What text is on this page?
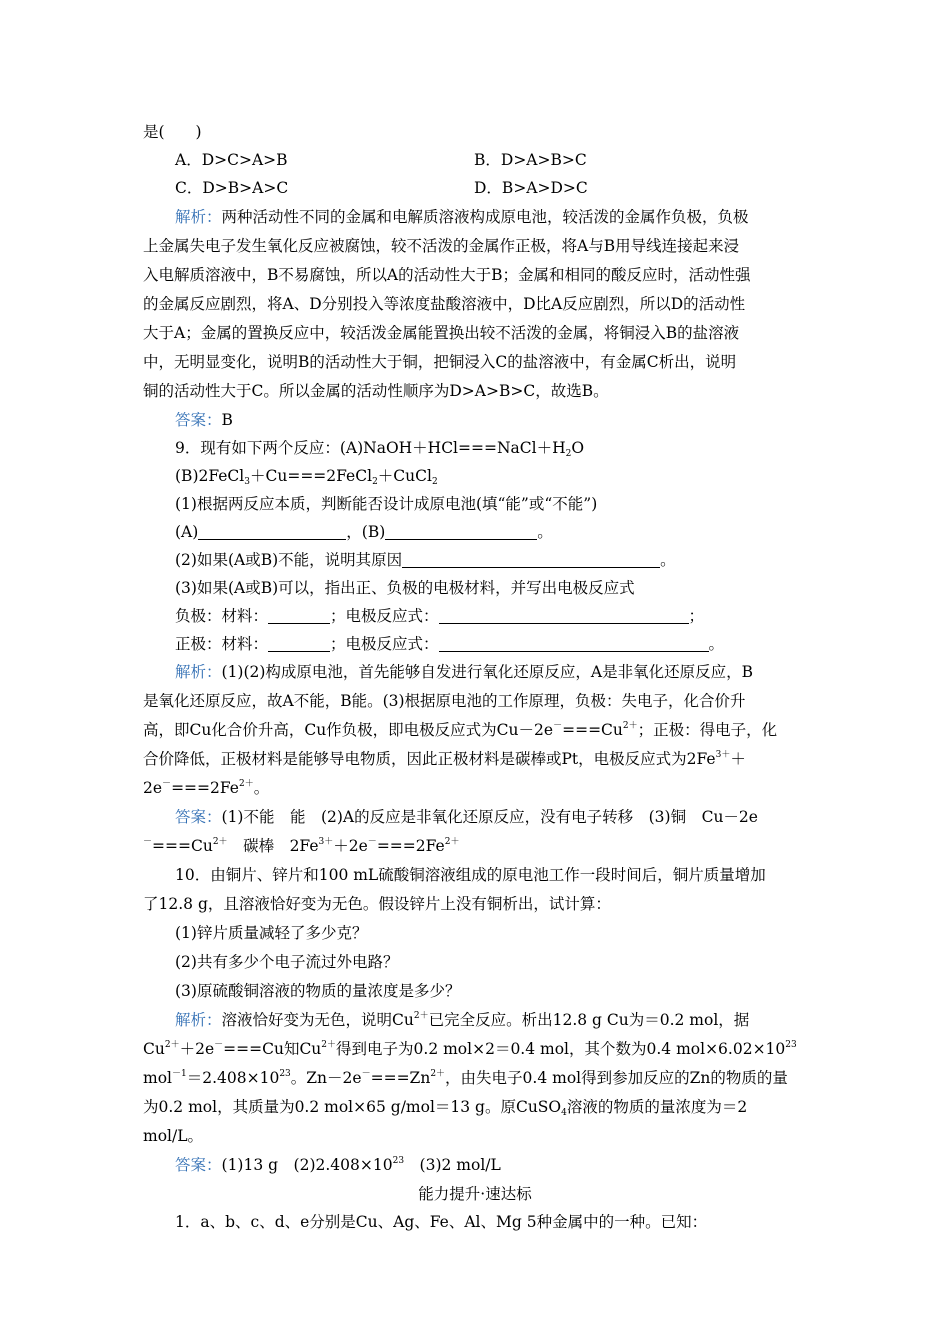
是(　　)
A．D>C>A>B	B．D>A>B>C
C．D>B>A>C	D．B>A>D>C
解析：两种活动性不同的金属和电解质溶液构成原电池，较活泼的金属作负极，负极
上金属失电子发生氧化反应被腐蚀，较不活泼的金属作正极，将A与B用导线连接起来浸
入电解质溶液中，B不易腐蚀，所以A的活动性大于B；金属和相同的酸反应时，活动性强
的金属反应剧烈，将A、D分别投入等浓度盐酸溶液中，D比A反应剧烈，所以D的活动性
大于A；金属的置换反应中，较活泼金属能置换出较不活泼的金属，将铜浸入B的盐溶液
中，无明显变化，说明B的活动性大于铜，把铜浸入C的盐溶液中，有金属C析出，说明
铜的活动性大于C。所以金属的活动性顺序为D>A>B>C，故选B。
答案：B
9．现有如下两个反应：$(A)NaOH+HCl===NaCl+H_2O$
(B)2FeCl$_3$＋Cu===2FeCl$_2$＋CuCl$_2$
(1)根据两反应本质，判断能否设计成原电池(填“能”或“不能”)
(A)	，(B)	。
(2)如果(A或B)不能，说明其原因	。
(3)如果(A或B)可以，指出正、负极的电极材料，并写出电极反应式
负极：材料：	；电极反应式：	；
正极：材料：	；电极反应式：	。
解析：(1)(2)构成原电池，首先能够自发进行氧化还原反应，A是非氧化还原反应，B
是氧化还原反应，故A不能，B能。(3)根据原电池的工作原理，负极：失电子，化合价升
高，即Cu化合价升高，Cu作负极，即电极反应式为$Cu-2e^-===Cu^{2+}$；正极：得电子，化
合价降低，正极材料是能够导电物质，因此正极材料是碳棒或Pt，电极反应式为$2Fe^{3+}+$
$2e^-===2Fe^{2+}$。
答案：(1)不能　能　(2)A的反应是非氧化还原反应，没有电子转移　(3)铜　Cu－2e
$^-===Cu^{2+}$　碳棒　$2Fe^{3+}+2e^-===2Fe^{2+}$
10．由铜片、锌片和100 mL硫酸铜溶液组成的原电池工作一段时间后，铜片质量增加
了12.8 g，且溶液恰好变为无色。假设锌片上没有铜析出，试计算：
(1)锌片质量减轻了多少克？
(2)共有多少个电子流过外电路？
(3)原硫酸铜溶液的物质的量浓度是多少？
解析：溶液恰好变为无色，说明$Cu^{2+}$已完全反应。析出12.8 g Cu为＝0.2 mol，据
$Cu^{2+}+2e^-===Cu$知$Cu^{2+}$得到电子为0.2 mol×2＝0.4 mol，其个数为0.4 $mol\times 6.02\times 10^{23}$
$mol^{-1}=2.408\times 10^{23}$。$Zn-2e^-===Zn^{2+}$，由失电子0.4 mol得到参加反应的Zn的物质的量
为0.2 mol，其质量为0.2 mol×65 g/mol＝13 g。原CuSO$_4$溶液的物质的量浓度为＝2
mol/L。
答案：(1)13 g　$(2)2.408\times 10^{23}$　(3)2 mol/L
能力提升·速达标
1．a、b、c、d、e分别是Cu、Ag、Fe、Al、Mg 5种金属中的一种。已知：
